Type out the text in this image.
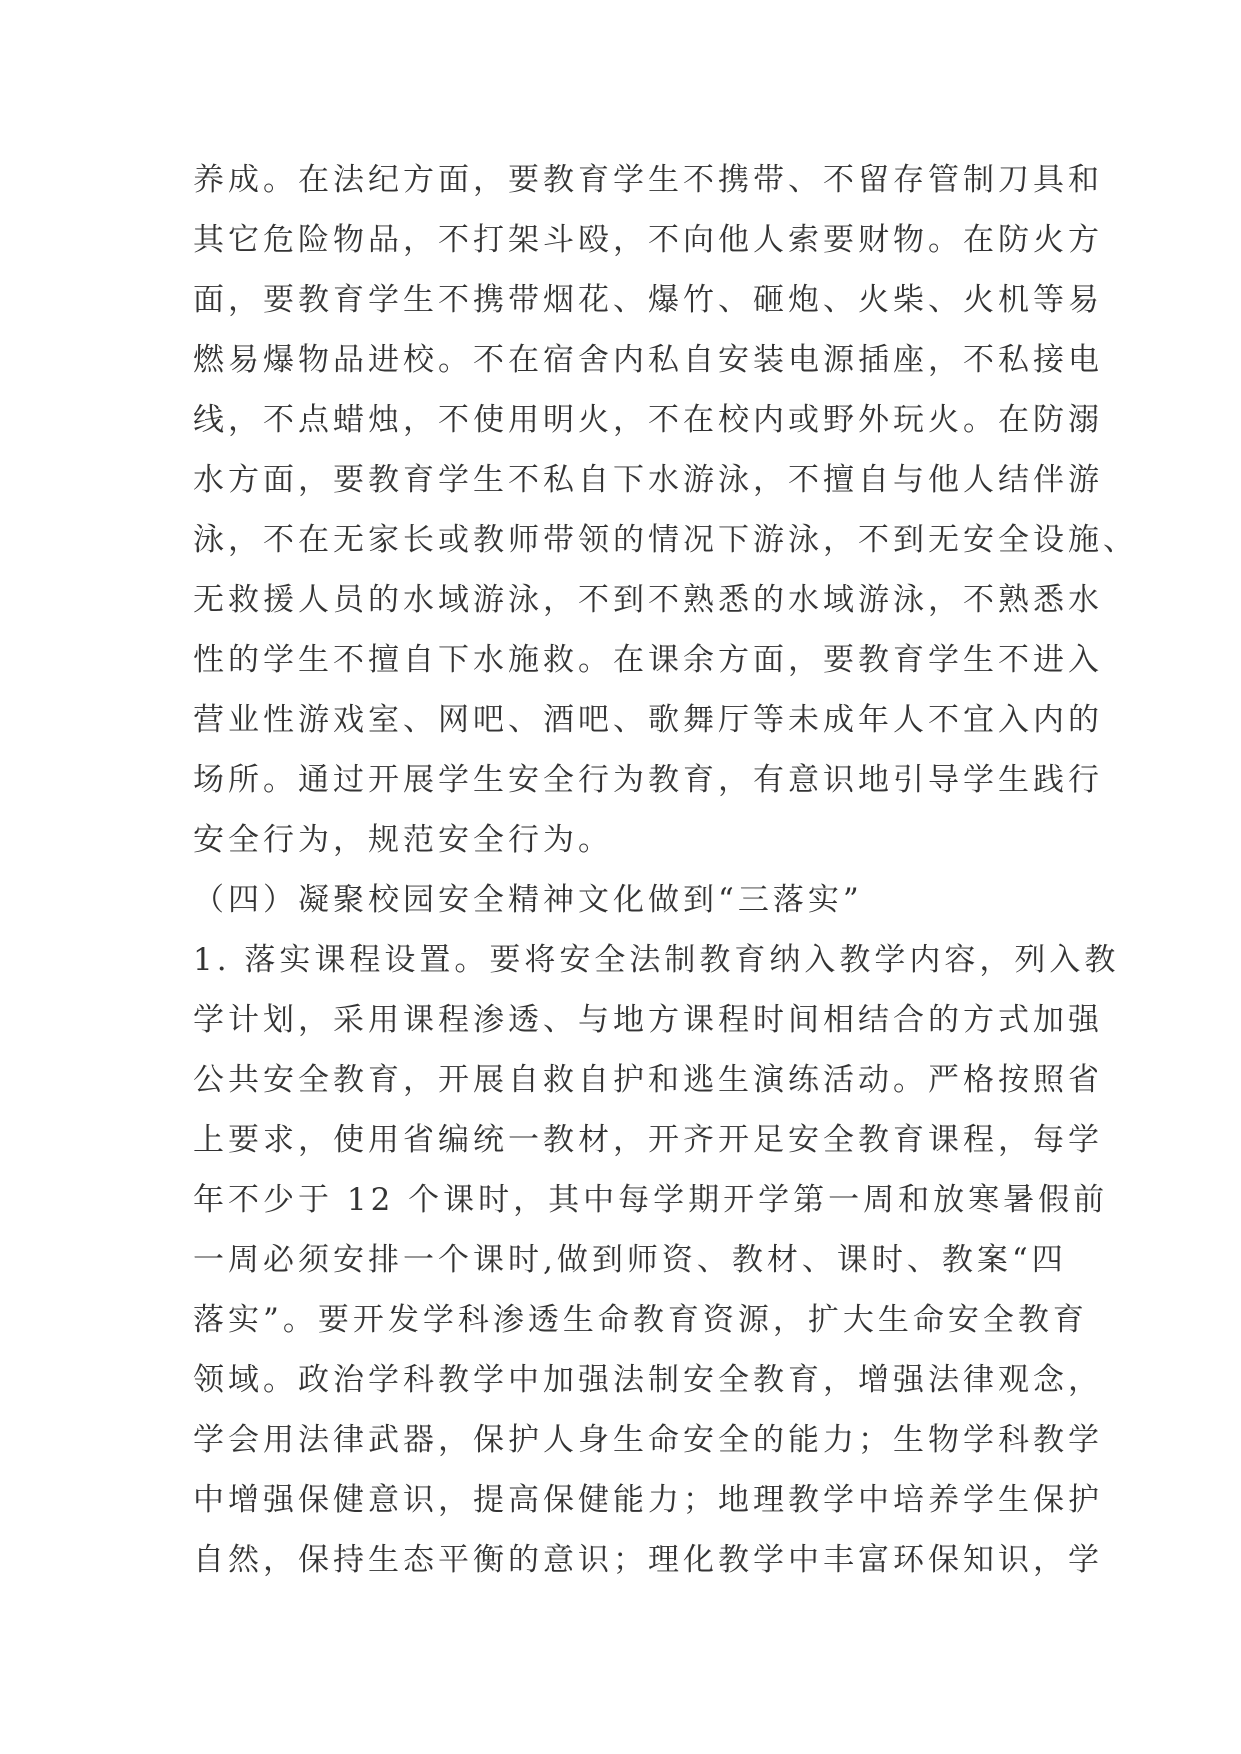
养成。在法纪方面，要教育学生不携带、不留存管制刀具和
其它危险物品，不打架斗殴，不向他人索要财物。在防火方
面，要教育学生不携带烟花、爆竹、砸炮、火柴、火机等易
燃易爆物品进校。不在宿舍内私自安装电源插座，不私接电
线，不点蜡烛，不使用明火，不在校内或野外玩火。在防溺
水方面，要教育学生不私自下水游泳，不擅自与他人结伴游
泳，不在无家长或教师带领的情况下游泳，不到无安全设施、
无救援人员的水域游泳，不到不熟悉的水域游泳，不熟悉水
性的学生不擅自下水施救。在课余方面，要教育学生不进入
营业性游戏室、网吧、酒吧、歌舞厅等未成年人不宜入内的
场所。通过开展学生安全行为教育，有意识地引导学生践行
安全行为，规范安全行为。
（四）凝聚校园安全精神文化做到“三落实”
1. 落实课程设置。要将安全法制教育纳入教学内容，列入教
学计划，采用课程渗透、与地方课程时间相结合的方式加强
公共安全教育，开展自救自护和逃生演练活动。严格按照省
上要求，使用省编统一教材，开齐开足安全教育课程，每学
年不少于 12 个课时，其中每学期开学第一周和放寒暑假前
一周必须安排一个课时,做到师资、教材、课时、教案“四
落实”。要开发学科渗透生命教育资源，扩大生命安全教育
领域。政治学科教学中加强法制安全教育，增强法律观念，
学会用法律武器，保护人身生命安全的能力；生物学科教学
中增强保健意识，提高保健能力；地理教学中培养学生保护
自然，保持生态平衡的意识；理化教学中丰富环保知识，学
